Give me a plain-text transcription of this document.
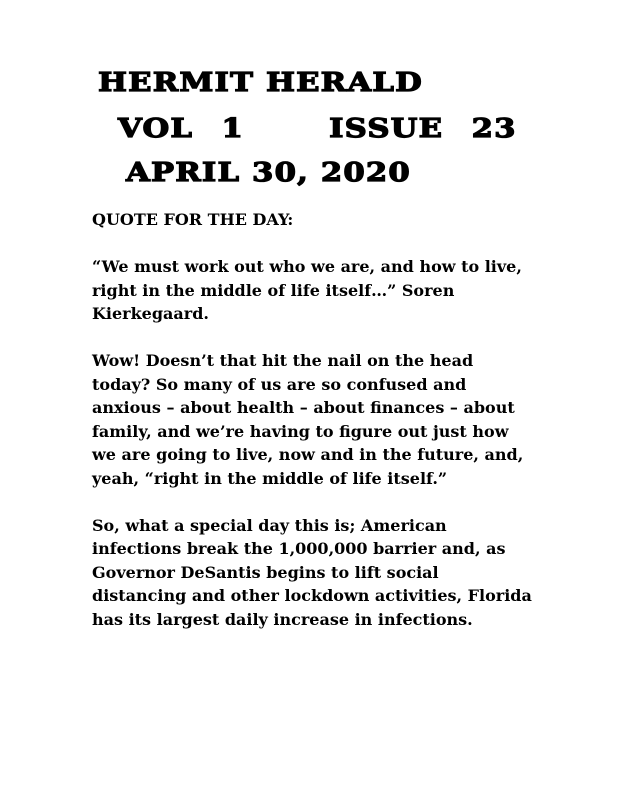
HERMIT HERALD
VOL 1   ISSUE 23
APRIL 30, 2020

QUOTE FOR THE DAY:

“We must work out who we are, and how to live, right in the middle of life itself…” Soren Kierkegaard.

Wow! Doesn’t that hit the nail on the head today? So many of us are so confused and anxious – about health – about finances – about family, and we’re having to figure out just how we are going to live, now and in the future, and, yeah, “right in the middle of life itself.”

So, what a special day this is; American infections break the 1,000,000 barrier and, as Governor DeSantis begins to lift social distancing and other lockdown activities, Florida has its largest daily increase in infections.
